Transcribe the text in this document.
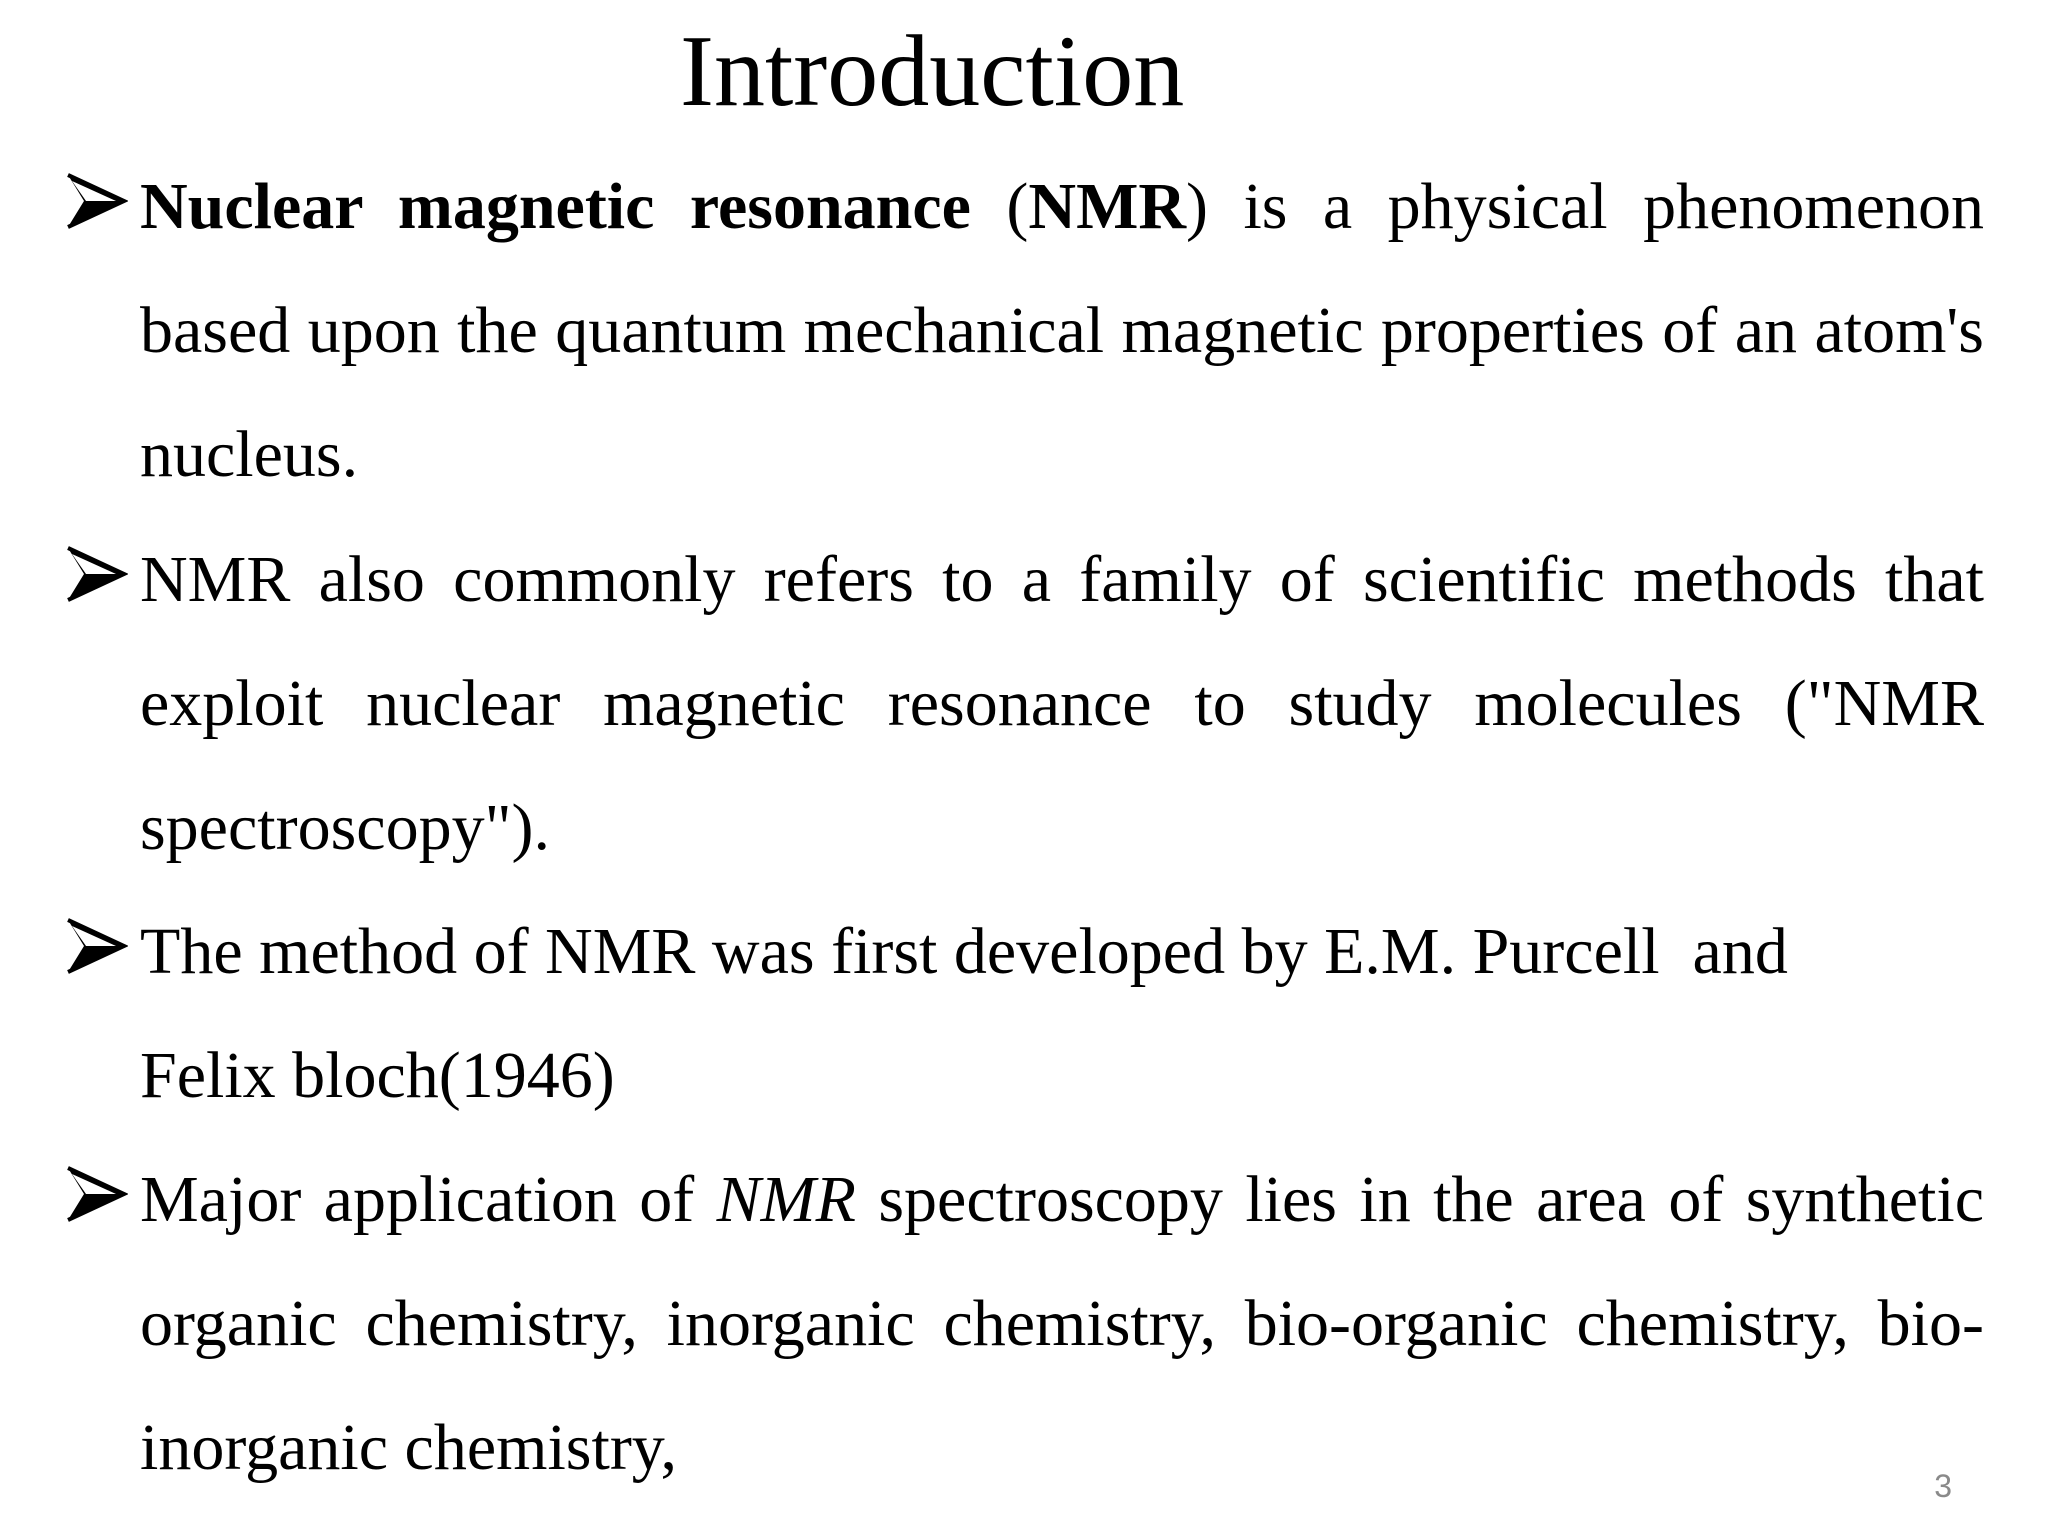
Introduction

Nuclear magnetic resonance (NMR) is a physical phenomenon based upon the quantum mechanical magnetic properties of an atom's nucleus.

NMR also commonly refers to a family of scientific methods that exploit nuclear magnetic resonance to study molecules ("NMR spectroscopy").

The method of NMR was first developed by E.M. Purcell  and
Felix bloch(1946)

Major application of NMR spectroscopy lies in the area of synthetic organic chemistry, inorganic chemistry, bio-organic chemistry, bio-inorganic chemistry,

3
